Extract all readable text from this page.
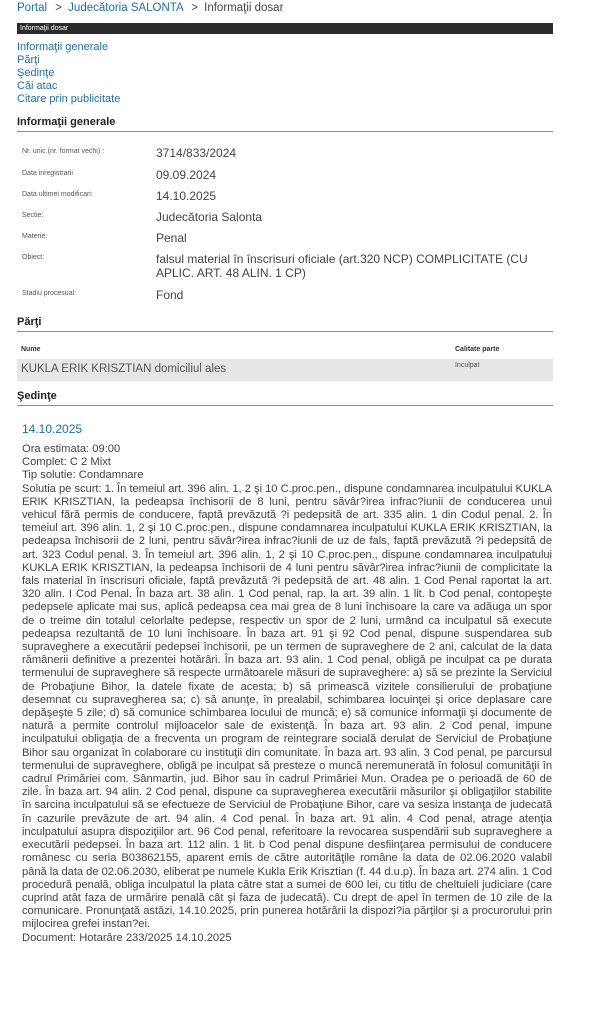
Portal > Judecătoria SALONTA > Informaţii dosar
Informaţii dosar
Informaţii generale
Părţi
Şedinţe
Căi atac
Citare prin publicitate
Informaţii generale
Nr. unic (nr. format vechi) :	3714/833/2024
Data inregistrarii	09.09.2024
Data ultimei modificari:	14.10.2025
Sectie:	Judecătoria Salonta
Materie:	Penal
Obiect:	falsul material în înscrisuri oficiale (art.320 NCP) COMPLICITATE (CU APLIC. ART. 48 ALIN. 1 CP)
Stadiu procesual:	Fond
Părţi
Nume	Calitate parte
KUKLA ERIK KRISZTIAN domiciliul ales	Inculpat
Şedinţe
14.10.2025
Ora estimata: 09:00
Complet: C 2 Mixt
Tip solutie: Condamnare
Solutia pe scurt: 1. În temeiul art. 396 alin. 1, 2 şi 10 C.proc.pen., dispune condamnarea inculpatului KUKLA ERIK KRISZTIAN, la pedeapsa închisorii de 8 luni, pentru săvâr?irea infrac?iunii de conducerea unui vehicul fără permis de conducere, faptă prevăzută ?i pedepsită de art. 335 alin. 1 din Codul penal. 2. În temeiul art. 396 alin. 1, 2 şi 10 C.proc.pen., dispune condamnarea inculpatului KUKLA ERIK KRISZTIAN, la pedeapsa închisorii de 2 luni, pentru săvâr?irea infrac?iunii de uz de fals, faptă prevăzută ?i pedepsită de art. 323 Codul penal. 3. În temeiul art. 396 alin. 1, 2 şi 10 C.proc.pen., dispune condamnarea inculpatului KUKLA ERIK KRISZTIAN, la pedeapsa închisorii de 4 luni pentru săvâr?irea infrac?iunii de complicitate la fals material în înscrisuri oficiale, faptă prevăzută ?i pedepsită de art. 48 alin. 1 Cod Penal raportat la art. 320 alin. I Cod Penal. În baza art. 38 alin. 1 Cod penal, rap. la art. 39 alin. 1 lit. b Cod penal, contopeşte pedepsele aplicate mai sus, aplică pedeapsa cea mai grea de 8 luni închisoare la care va adăuga un spor de o treime din totalul celorlalte pedepse, respectiv un spor de 2 luni, urmând ca inculpatul să execute pedeapsa rezultantă de 10 luni închisoare. În baza art. 91 şi 92 Cod penal, dispune suspendarea sub supraveghere a executării pedepsei închisorii, pe un termen de supraveghere de 2 ani, calculat de la data rămânerii definitive a prezentei hotărâri. În baza art. 93 alin. 1 Cod penal, obligă pe inculpat ca pe durata termenului de supraveghere să respecte următoarele măsuri de supraveghere: a) să se prezinte la Serviciul de Probaţiune Bihor, la datele fixate de acesta; b) să primească vizitele consilierului de probaţiune desemnat cu supravegherea sa; c) să anunţe, în prealabil, schimbarea locuinţei şi orice deplasare care depăşeşte 5 zile; d) să comunice schimbarea locului de muncă; e) să comunice informaţii şi documente de natură a permite controlul mijloacelor sale de existenţă. În baza art. 93 alin. 2 Cod penal, impune inculpatului obligaţia de a frecventa un program de reintegrare socială derulat de Serviciul de Probaţiune Bihor sau organizat în colaborare cu instituţii din comunitate. În baza art. 93 alin. 3 Cod penal, pe parcursul termenului de supraveghere, obligă pe inculpat să presteze o muncă neremunerată în folosul comunităţii în cadrul Primăriei com. Sânmartin, jud. Bihor sau în cadrul Primăriei Mun. Oradea pe o perioadă de 60 de zile. În baza art. 94 alin. 2 Cod penal, dispune ca supravegherea executării măsurilor şi obligaţiilor stabilite în sarcina inculpatului să se efectueze de Serviciul de Probaţiune Bihor, care va sesiza instanţa de judecată în cazurile prevăzute de art. 94 alin. 4 Cod penal. În baza art. 91 alin. 4 Cod penal, atrage atenţia inculpatului asupra dispoziţiilor art. 96 Cod penal, referitoare la revocarea suspendării sub supraveghere a executării pedepsei. În baza art. 112 alin. 1 lit. b Cod penal dispune desfiinţarea permisului de conducere românesc cu seria B03862155, aparent emis de către autorităţile române la data de 02.06.2020 valabil până la data de 02.06.2030, eliberat pe numele Kukla Erik Krisztian (f. 44 d.u.p). În baza art. 274 alin. 1 Cod procedură penală, obliga inculpatul la plata către stat a sumei de 600 lei, cu titlu de cheltuieli judiciare (care cuprind atât faza de urmărire penală cât şi faza de judecată). Cu drept de apel în termen de 10 zile de la comunicare. Pronunţată astăzi, 14.10.2025, prin punerea hotărârii la dispozi?ia părţilor şi a procurorului prin mijlocirea grefei instan?ei.
Document: Hotarâre 233/2025 14.10.2025
